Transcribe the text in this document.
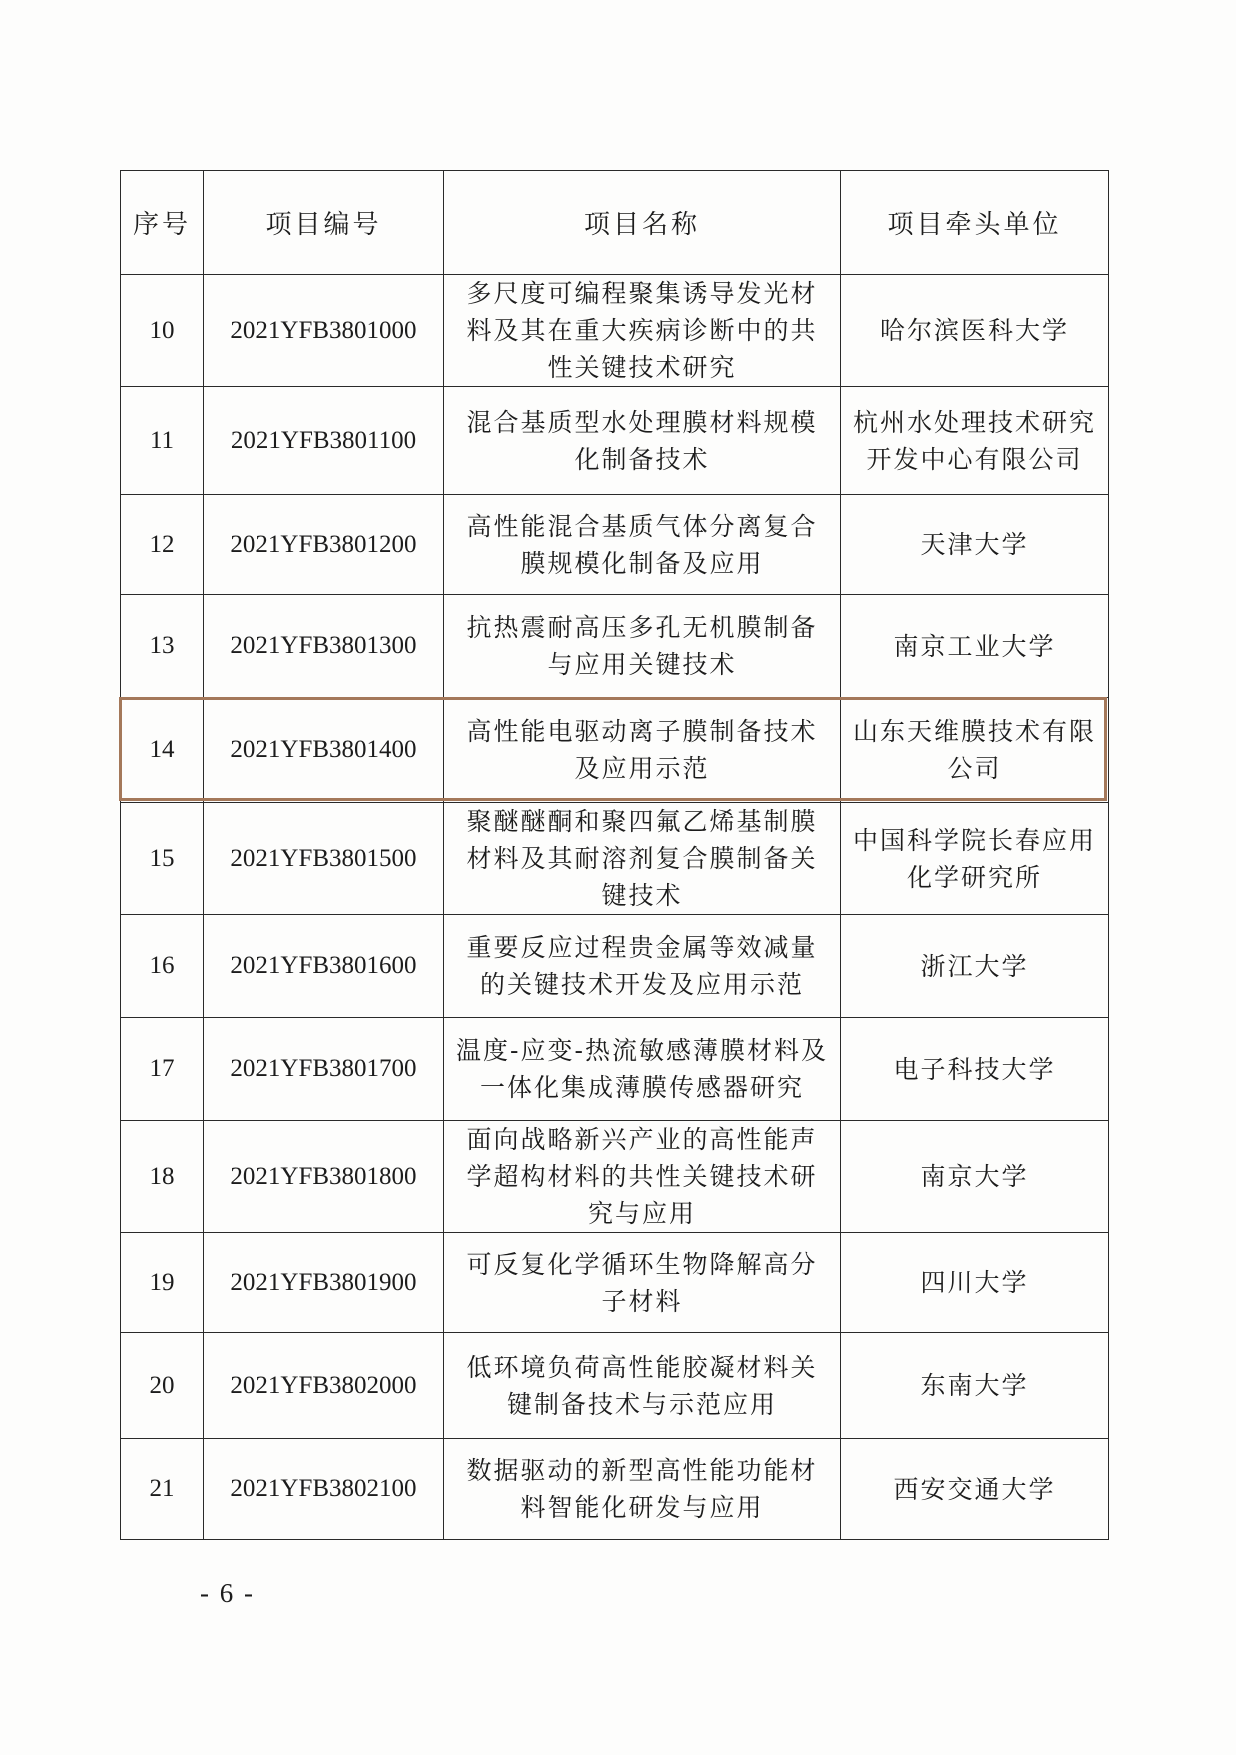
序号	项目编号	项目名称	项目牵头单位
10	2021YFB3801000	多尺度可编程聚集诱导发光材料及其在重大疾病诊断中的共性关键技术研究	哈尔滨医科大学
11	2021YFB3801100	混合基质型水处理膜材料规模化制备技术	杭州水处理技术研究开发中心有限公司
12	2021YFB3801200	高性能混合基质气体分离复合膜规模化制备及应用	天津大学
13	2021YFB3801300	抗热震耐高压多孔无机膜制备与应用关键技术	南京工业大学
14	2021YFB3801400	高性能电驱动离子膜制备技术及应用示范	山东天维膜技术有限公司
15	2021YFB3801500	聚醚醚酮和聚四氟乙烯基制膜材料及其耐溶剂复合膜制备关键技术	中国科学院长春应用化学研究所
16	2021YFB3801600	重要反应过程贵金属等效减量的关键技术开发及应用示范	浙江大学
17	2021YFB3801700	温度-应变-热流敏感薄膜材料及一体化集成薄膜传感器研究	电子科技大学
18	2021YFB3801800	面向战略新兴产业的高性能声学超构材料的共性关键技术研究与应用	南京大学
19	2021YFB3801900	可反复化学循环生物降解高分子材料	四川大学
20	2021YFB3802000	低环境负荷高性能胶凝材料关键制备技术与示范应用	东南大学
21	2021YFB3802100	数据驱动的新型高性能功能材料智能化研发与应用	西安交通大学
- 6 -
